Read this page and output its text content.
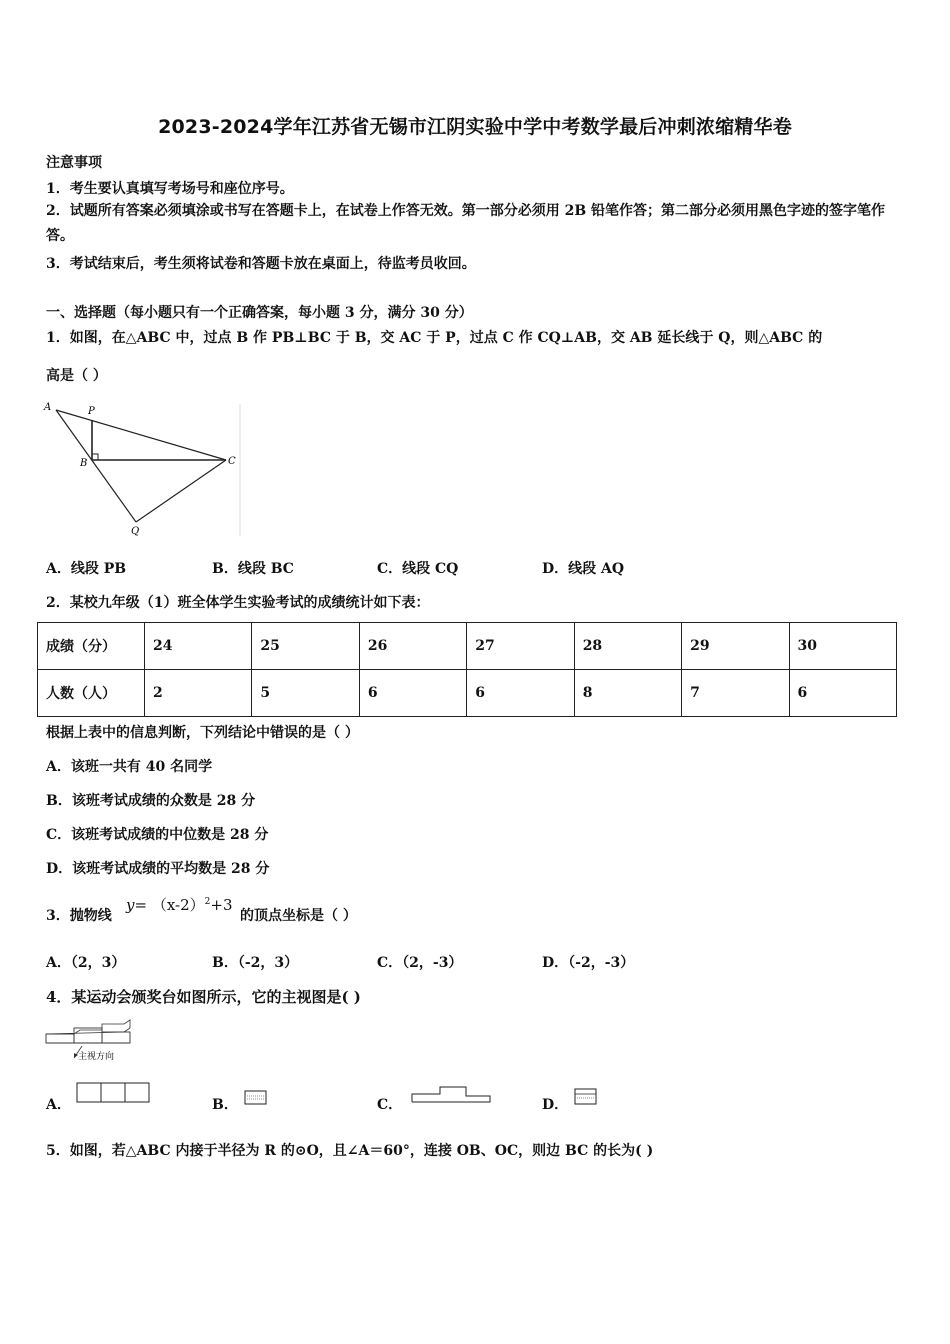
2023-2024学年江苏省无锡市江阴实验中学中考数学最后冲刺浓缩精华卷
注意事项
1．考生要认真填写考场号和座位序号。
2．试题所有答案必须填涂或书写在答题卡上，在试卷上作答无效。第一部分必须用 2B 铅笔作答；第二部分必须用黑色字迹的签字笔作答。
3．考试结束后，考生须将试卷和答题卡放在桌面上，待监考员收回。
一、选择题（每小题只有一个正确答案，每小题 3 分，满分 30 分）
1．如图，在△ABC 中，过点 B 作 PB⊥BC 于 B，交 AC 于 P，过点 C 作 CQ⊥AB，交 AB 延长线于 Q，则△ABC 的
高是（ ）
A	P
B	C
Q
A．线段 PB	B．线段 BC	C．线段 CQ	D．线段 AQ
2．某校九年级（1）班全体学生实验考试的成绩统计如下表：
成绩（分）	24	25	26	27	28	29	30
人数（人）	2	5	6	6	8	7	6
根据上表中的信息判断，下列结论中错误的是（ ）
A．该班一共有 40 名同学
B．该班考试成绩的众数是 28 分
C．该班考试成绩的中位数是 28 分
D．该班考试成绩的平均数是 28 分
3．抛物线
$y= (x-2)^2+3$
的顶点坐标是（ ）
A．（2，3）	B．（-2，3）	C．（2，-3）	D．（-2，-3）
4．某运动会颁奖台如图所示，它的主视图是( )
主视方向
A．	B．	C．	D．
5．如图，若△ABC 内接于半径为 R 的⊙O，且∠A＝60°，连接 OB、OC，则边 BC 的长为( )
